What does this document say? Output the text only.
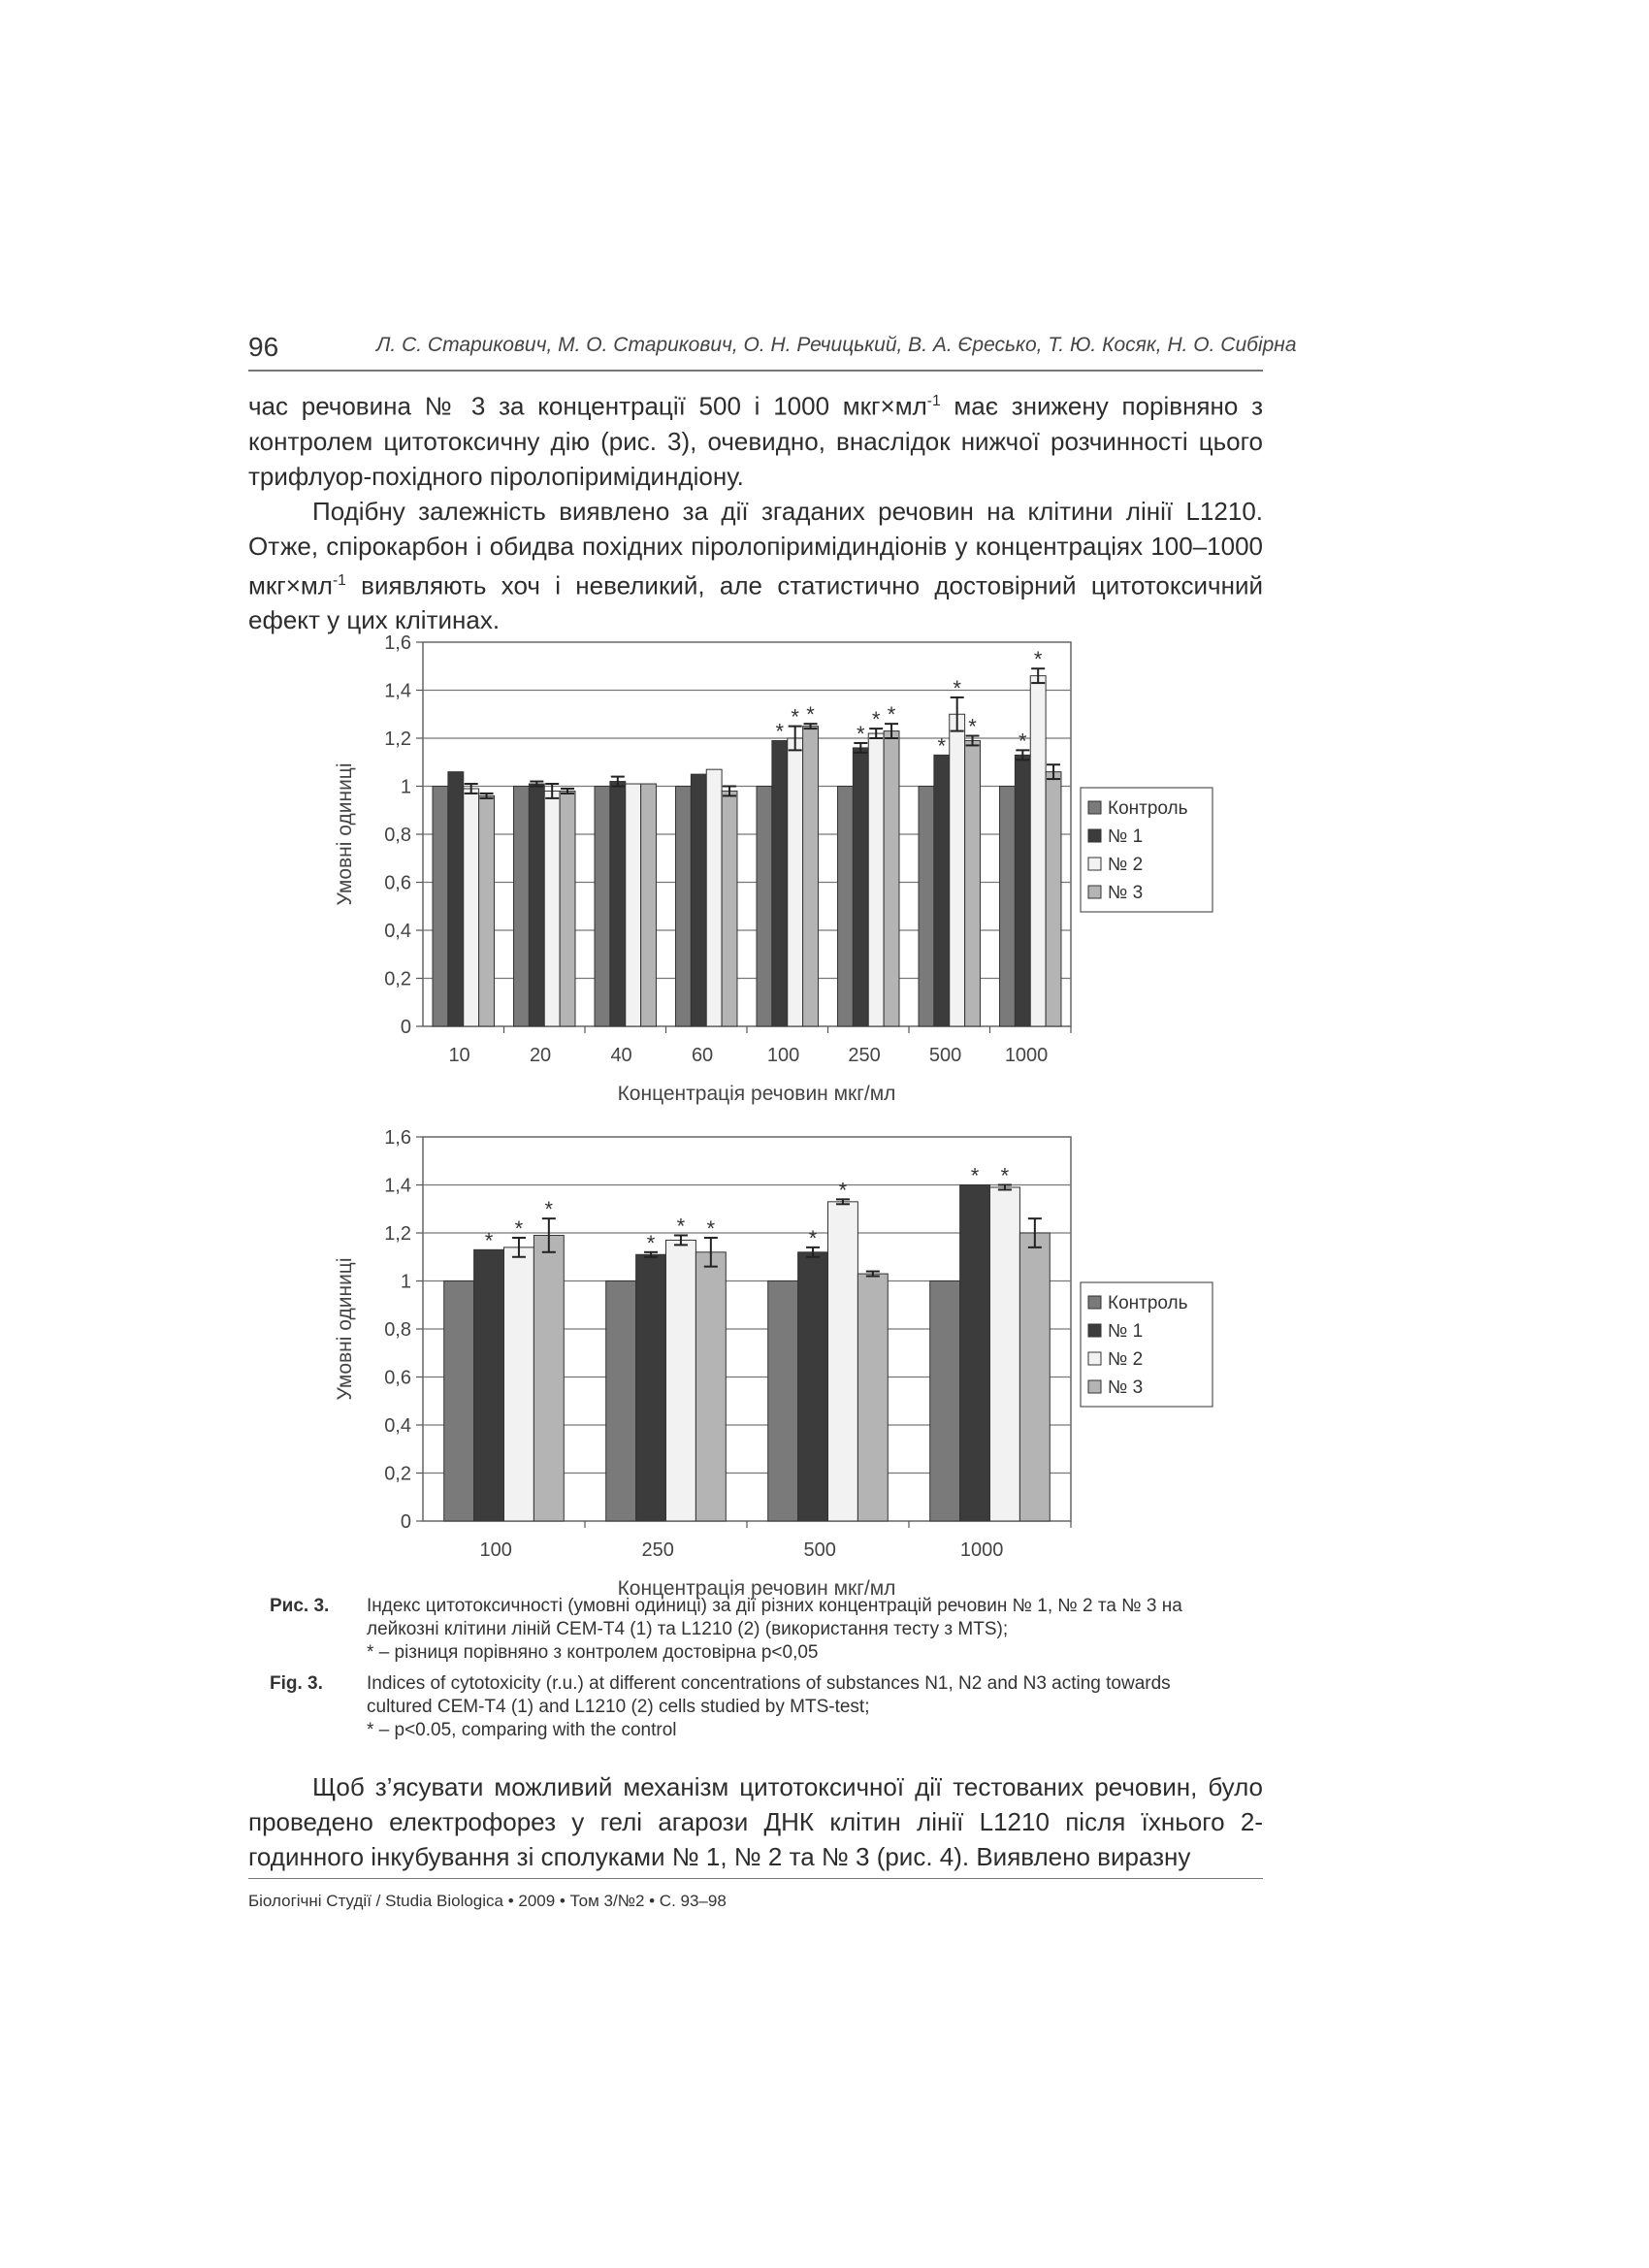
96	Л. С. Старикович, М. О. Старикович, О. Н. Речицький, В. А. Єресько, Т. Ю. Косяк, Н. О. Сибірна

час речовина № 3 за концентрації 500 і 1000 $мкг\times мл^{-1}$ має знижену порівняно з контролем цитотоксичну дію (рис. 3), очевидно, внаслідок нижчої розчинності цього трифлуор-похідного піролопіримідиндіону.

Подібну залежність виявлено за дії згаданих речовин на клітини лінії L1210. Отже, спірокарбон і обидва похідних піролопіримідиндіонів у концентраціях 100–1000 $мкг\times мл^{-1}$ виявляють хоч і невеликий, але статистично достовірний цитотоксичний ефект у цих клітинах.

0
0,2
0,4
0,6
0,8
1
1,2
1,4
1,6
Умовні одиниці
10	20	40	60
*
* *
100
*
* *
250
*
*
*
500
*
*
1000
Концентрація речовин мкг/мл
Контроль
№ 1
№ 2
№ 3
0
0,2
0,4
0,6
0,8
1
1,2
1,4
1,6
Умовні одиниці
* *
*
100
*
* *
250
*
*
500
* *
1000
Концентрація речовин мкг/мл
Контроль
№ 1
№ 2
№ 3
Рис. 3. Індекс цитотоксичності (умовні одиниці) за дії різних концентрацій речовин № 1, № 2 та № 3 на
лейкозні клітини ліній CEM-T4 (1) та L1210 (2) (використання тесту з MTS);
* – різниця порівняно з контролем достовірна p<0,05
Fig. 3. Indices of cytotoxicity (r.u.) at different concentrations of substances N1, N2 and N3 acting towards
cultured CEM-T4 (1) and L1210 (2) cells studied by MTS-test;
* – p<0.05, comparing with the control

Щоб з’ясувати можливий механізм цитотоксичної дії тестованих речовин, було проведено електрофорез у гелі агарози ДНК клітин лінії L1210 після їхнього 2-годинного інкубування зі сполуками № 1, № 2 та № 3 (рис. 4). Виявлено виразну

Біологічні Студії / Studia Biologica • 2009 • Том 3/№2 • С. 93–98
